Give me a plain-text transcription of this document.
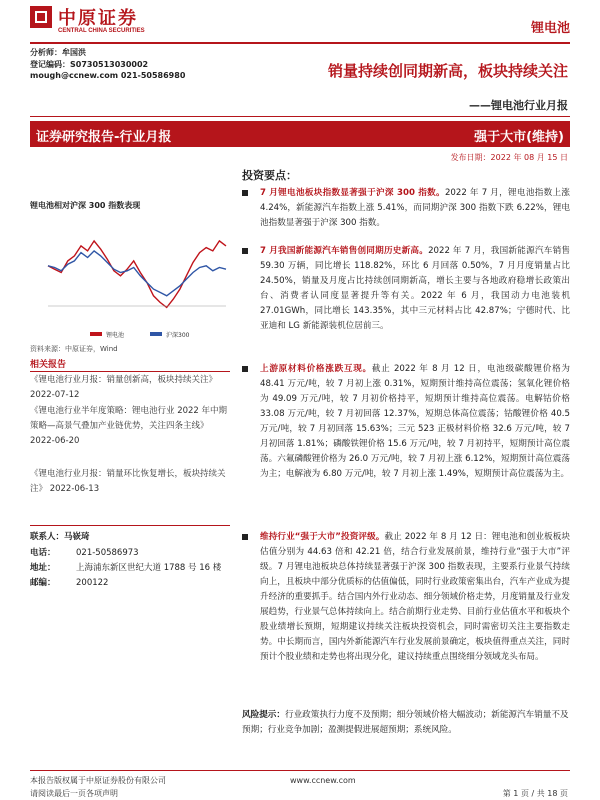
中原证券
CENTRAL CHINA SECURITIES	锂电池
分析师：牟国洪
登记编码：S0730513030002
mough@ccnew.com 021-50586980	销量持续创同期新高，板块持续关注
——锂电池行业月报
证券研究报告-行业月报	强于大市(维持)
发布日期：2022 年 08 月 15 日
锂电池相对沪深 300 指数表现
锂电池	沪深300
资料来源：中原证券，Wind
相关报告
《锂电池行业月报：销量创新高，板块持续关注》 2022-07-12
《锂电池行业半年度策略：锂电池行业 2022 年中期策略—高景气叠加产业链优势，关注四条主线》 2022-06-20
《锂电池行业月报：销量环比恢复增长，板块持续关注》 2022-06-13
联系人：马嵚琦
电话： 021-50586973
地址： 上海浦东新区世纪大道 1788 号 16 楼
邮编： 200122
投资要点：
7 月锂电池板块指数显著强于沪深 300 指数。2022 年 7 月，锂电池指数上涨 4.24%，新能源汽车指数上涨 5.41%，而同期沪深 300 指数下跌 6.22%，锂电池指数显著强于沪深 300 指数。
7 月我国新能源汽车销售创同期历史新高。2022 年 7 月，我国新能源汽车销售 59.30 万辆，同比增长 118.82%，环比 6 月回落 0.50%，7 月月度销量占比 24.50%，销量及月度占比持续创同期新高，增长主要与各地政府稳增长政策出台、消费者认同度显著提升等有关。2022 年 6 月，我国动力电池装机 27.01GWh，同比增长 143.35%，其中三元材料占比 42.87%；宁德时代、比亚迪和 LG 新能源装机位居前三。
上游原材料价格涨跌互现。截止 2022 年 8 月 12 日，电池级碳酸锂价格为 48.41 万元/吨，较 7 月初上涨 0.31%，短期预计维持高位震荡；氢氧化锂价格为 49.09 万元/吨，较 7 月初价格持平，短期预计维持高位震荡。电解钴价格 33.08 万元/吨，较 7 月初回落 12.37%，短期总体高位震荡；钴酸锂价格 40.5 万元/吨，较 7 月初回落 15.63%；三元 523 正极材料价格 32.6 万元/吨，较 7 月初回落 1.81%；磷酸铁锂价格 15.6 万元/吨，较 7 月初持平，短期预计高位震荡。六氟磷酸锂价格为 26.0 万元/吨，较 7 月初上涨 6.12%，短期预计高位震荡为主；电解液为 6.80 万元/吨，较 7 月初上涨 1.49%，短期预计高位震荡为主。
维持行业“强于大市”投资评级。截止 2022 年 8 月 12 日：锂电池和创业板板块估值分别为 44.63 倍和 42.21 倍，结合行业发展前景，维持行业“强于大市”评级。7 月锂电池板块总体持续显著强于沪深 300 指数表现，主要系行业景气持续向上，且板块中部分优质标的估值偏低，同时行业政策密集出台，汽车产业成为提升经济的重要抓手。结合国内外行业动态、细分领域价格走势，月度销量及行业发展趋势，行业景气总体持续向上。结合前期行业走势、目前行业估值水平和板块个股业绩增长预期，短期建议持续关注板块投资机会，同时需密切关注主要指数走势。中长期而言，国内外新能源汽车行业发展前景确定，板块值得重点关注，同时预计个股业绩和走势也将出现分化，建议持续重点围绕细分领域龙头布局。
风险提示：行业政策执行力度不及预期；细分领域价格大幅波动；新能源汽车销量不及预期；行业竞争加剧；盈测提假进展超预期；系统风险。
本报告版权属于中原证券股份有限公司
请阅读最后一页各项声明
www.ccnew.com
第 1 页 / 共 18 页
